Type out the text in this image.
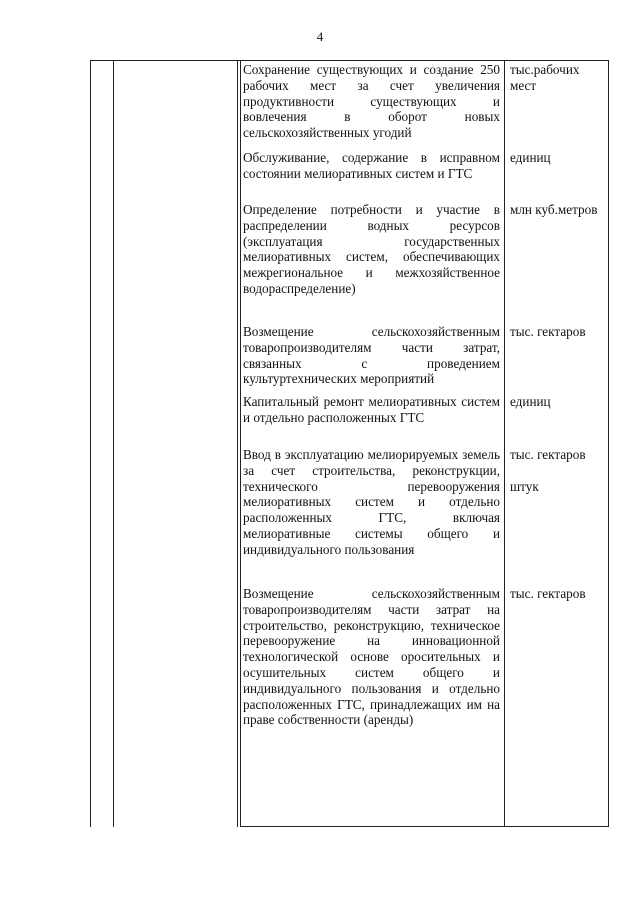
4
Сохранение существующих и создание 250 рабочих мест за счет увеличения продуктивности существующих и вовлечения в оборот новых сельскохозяйственных угодий
тыс.рабочих мест
Обслуживание, содержание в исправном состоянии мелиоративных систем и ГТС
единиц
Определение потребности и участие в распределении водных ресурсов (эксплуатация государственных мелиоративных систем, обеспечивающих межрегиональное и межхозяйственное водораспределение)
млн куб.метров
Возмещение сельскохозяйственным товаропроизводителям части затрат, связанных с проведением культуртехнических мероприятий
тыс. гектаров
Капитальный ремонт мелиоративных систем и отдельно расположенных ГТС
единиц
Ввод в эксплуатацию мелиорируемых земель за счет строительства, реконструкции, технического перевооружения мелиоративных систем и отдельно расположенных ГТС, включая мелиоративные системы общего и индивидуального пользования
тыс. гектаров
штук
Возмещение сельскохозяйственным товаропроизводителям части затрат на строительство, реконструкцию, техническое перевооружение на инновационной технологической основе оросительных и осушительных систем общего и индивидуального пользования и отдельно расположенных ГТС, принадлежащих им на праве собственности (аренды)
тыс. гектаров
